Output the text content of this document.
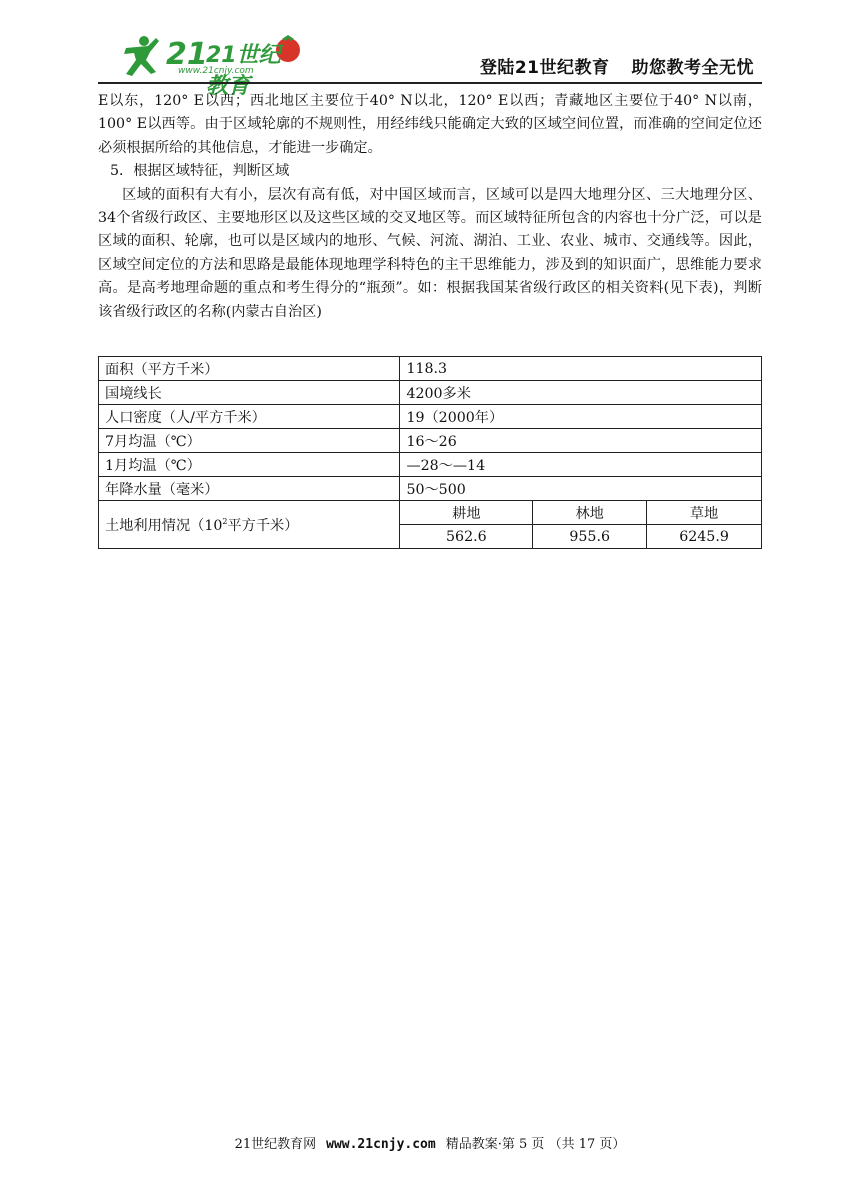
21
21世纪教育
www.21cnjy.com	登陆21世纪教育 助您教考全无忧

E以东，120° E以西；西北地区主要位于40° N以北，120° E以西；青藏地区主要位于40° N以南，100° E以西等。由于区域轮廓的不规则性，用经纬线只能确定大致的区域空间位置，而准确的空间定位还必须根据所给的其他信息，才能进一步确定。

5．根据区域特征，判断区域

区域的面积有大有小，层次有高有低，对中国区域而言，区域可以是四大地理分区、三大地理分区、34个省级行政区、主要地形区以及这些区域的交叉地区等。而区域特征所包含的内容也十分广泛，可以是区域的面积、轮廓，也可以是区域内的地形、气候、河流、湖泊、工业、农业、城市、交通线等。因此，区域空间定位的方法和思路是最能体现地理学科特色的主干思维能力，涉及到的知识面广，思维能力要求高。是高考地理命题的重点和考生得分的“瓶颈”。如：根据我国某省级行政区的相关资料(见下表)，判断该省级行政区的名称(内蒙古自治区)

面积（平方千米）	118.3		
国境线长	4200多米		
人口密度（人/平方千米）	19（2000年）		
7月均温（℃）	16～26		
1月均温（℃）	—28～—14		
年降水量（毫米）	50～500		
土地利用情况（$10^2$平方千米）	耕地	林地	草地
	562.6	955.6	6245.9
21世纪教育网 www.21cnjy.com 精品教案·第 5 页 （共 17 页）
